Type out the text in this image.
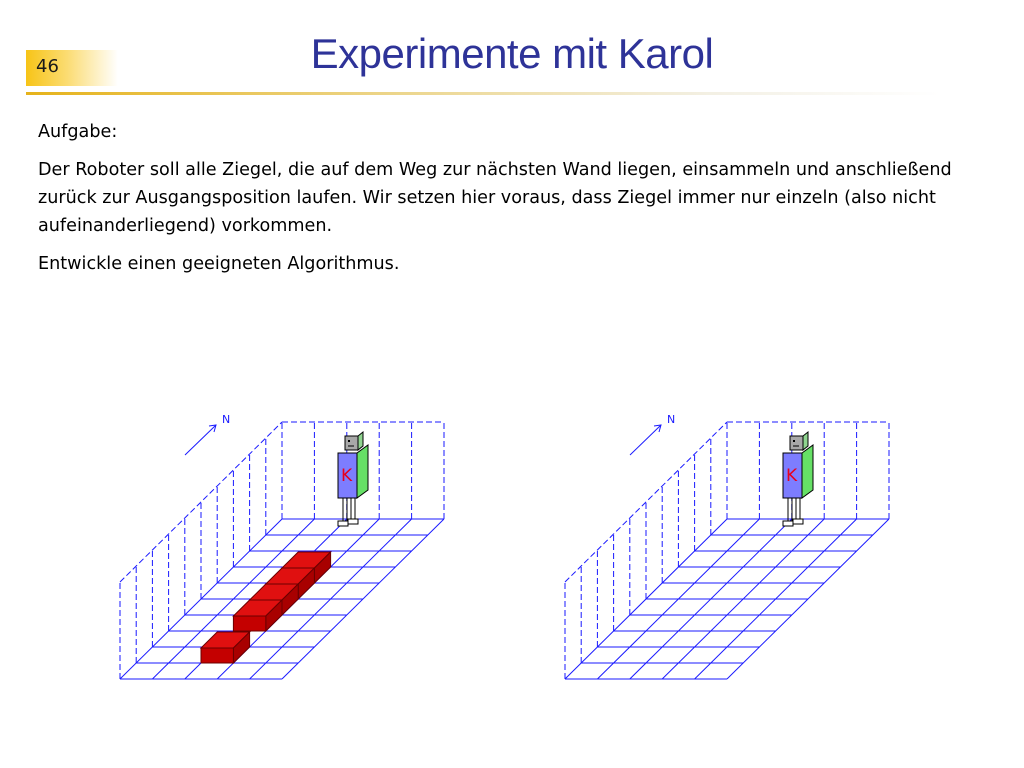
46	Experimente mit Karol

Aufgabe:

Der Roboter soll alle Ziegel, die auf dem Weg zur nächsten Wand liegen, einsammeln und anschließend zurück zur Ausgangsposition laufen. Wir setzen hier voraus, dass Ziegel immer nur einzeln (also nicht aufeinanderliegend) vorkommen.

Entwickle einen geeigneten Algorithmus.

N
K
N
K
